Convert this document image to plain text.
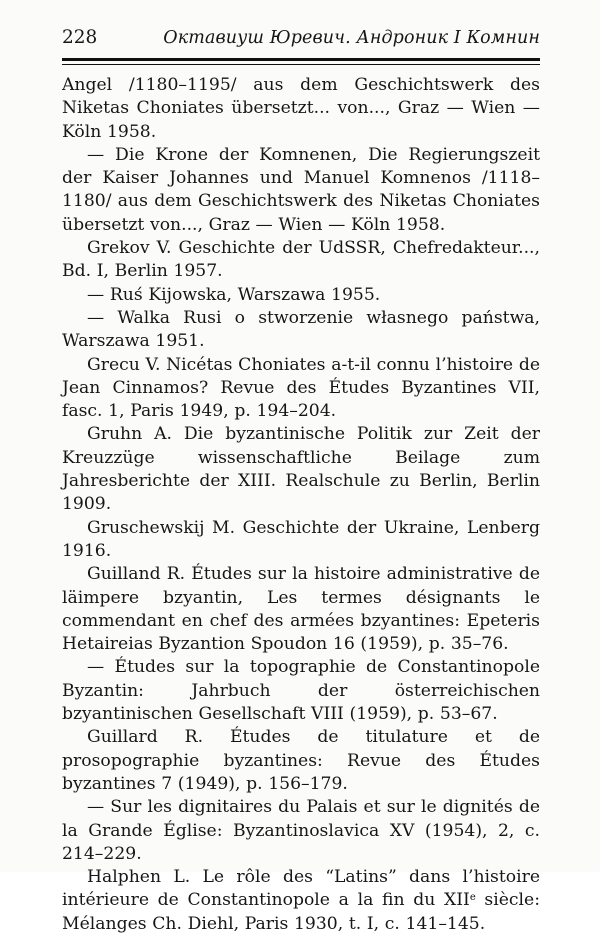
228	Октавиуш Юревич. Андроник I Комнин

Angel /1180–1195/ aus dem Geschichtswerk des Niketas Choniates übersetzt... von..., Graz — Wien — Köln 1958.

— Die Krone der Komnenen, Die Regierungszeit der Kaiser Johannes und Manuel Komnenos /1118–1180/ aus dem Geschichtswerk des Niketas Choniates übersetzt von..., Graz — Wien — Köln 1958.

Grekov V. Geschichte der UdSSR, Chefredakteur..., Bd. I, Berlin 1957.

— Ruś Kijowska, Warszawa 1955.

— Walka Rusi o stworzenie własnego państwa, Warszawa 1951.

Grecu V. Nicétas Choniates a-t-il connu l’histoire de Jean Cinnamos? Revue des Études Byzantines VII, fasc. 1, Paris 1949, p. 194–204.

Gruhn A. Die byzantinische Politik zur Zeit der Kreuzzüge wissenschaftliche Beilage zum Jahresberichte der XIII. Realschule zu Berlin, Berlin 1909.

Gruschewskij M. Geschichte der Ukraine, Lenberg 1916.

Guilland R. Études sur la histoire administrative de läimpere bzyantin, Les termes désignants le commendant en chef des armées bzyantines: Epeteris Hetaireias Byzantion Spoudon 16 (1959), p. 35–76.

— Études sur la topographie de Constantinopole Byzantin: Jahrbuch der österreichischen bzyantinischen Gesellschaft VIII (1959), p. 53–67.

Guillard R. Études de titulature et de prosopographie byzantines: Revue des Études byzantines 7 (1949), p. 156–179.

— Sur les dignitaires du Palais et sur le dignités de la Grande Église: Byzantinoslavica XV (1954), 2, c. 214–229.

Halphen L. Le rôle des “Latins” dans l’histoire intérieure de Constantinopole a la fin du XIIe siècle: Mélanges Ch. Diehl, Paris 1930, t. I, c. 141–145.
